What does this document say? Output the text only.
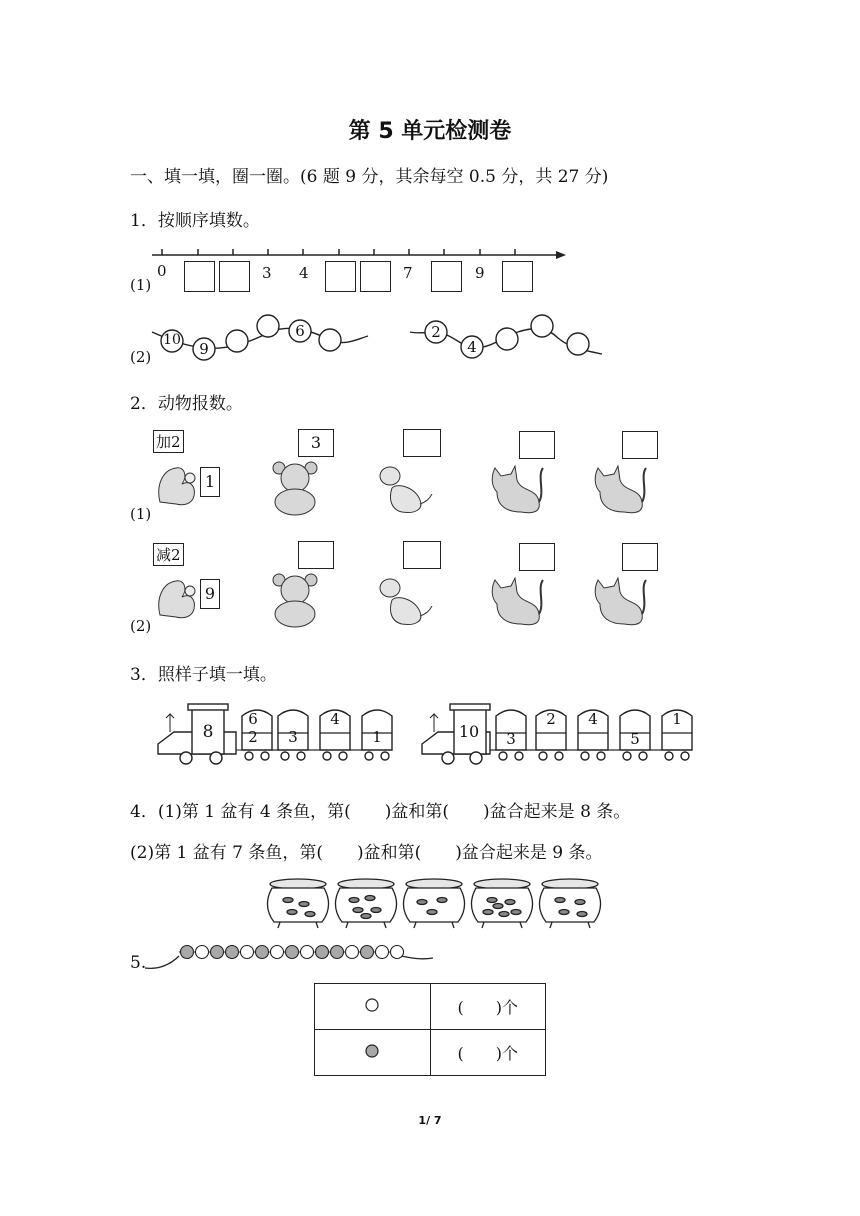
第 5 单元检测卷
一、填一填，圈一圈。(6 题 9 分，其余每空 0.5 分，共 27 分)
1．按顺序填数。
(1)
0	3 4	7	9
(2)
10	9
6	2
4
2．动物报数。
加2
1
(1)
3
减2
9
(2)
3．照样子填一填。
8
6
2	3
4
1	10	3
2	4
5
1
4．(1)第 1 盆有 4 条鱼，第(　　)盆和第(　　)盆合起来是 8 条。
(2)第 1 盆有 7 条鱼，第(　　)盆和第(　　)盆合起来是 9 条。
5.
	(　　)个
	(　　)个
1/ 7
